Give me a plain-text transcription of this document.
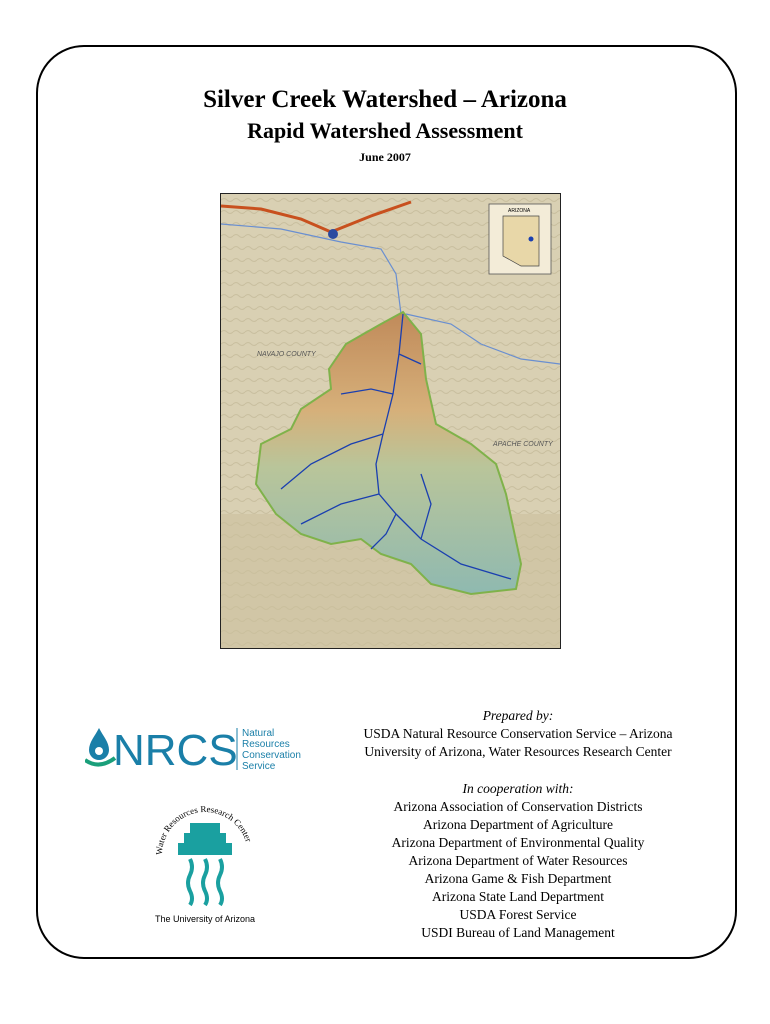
Silver Creek Watershed – Arizona
Rapid Watershed Assessment
June 2007
ARIZONA
NAVAJO COUNTY
APACHE COUNTY
NRCS Natural
Resources
Conservation
Service
Water Resources Research Center
The University of Arizona
Prepared by:
USDA Natural Resource Conservation Service – Arizona
University of Arizona, Water Resources Research Center
In cooperation with:
Arizona Association of Conservation Districts
Arizona Department of Agriculture
Arizona Department of Environmental Quality
Arizona Department of Water Resources
Arizona Game & Fish Department
Arizona State Land Department
USDA Forest Service
USDI Bureau of Land Management
